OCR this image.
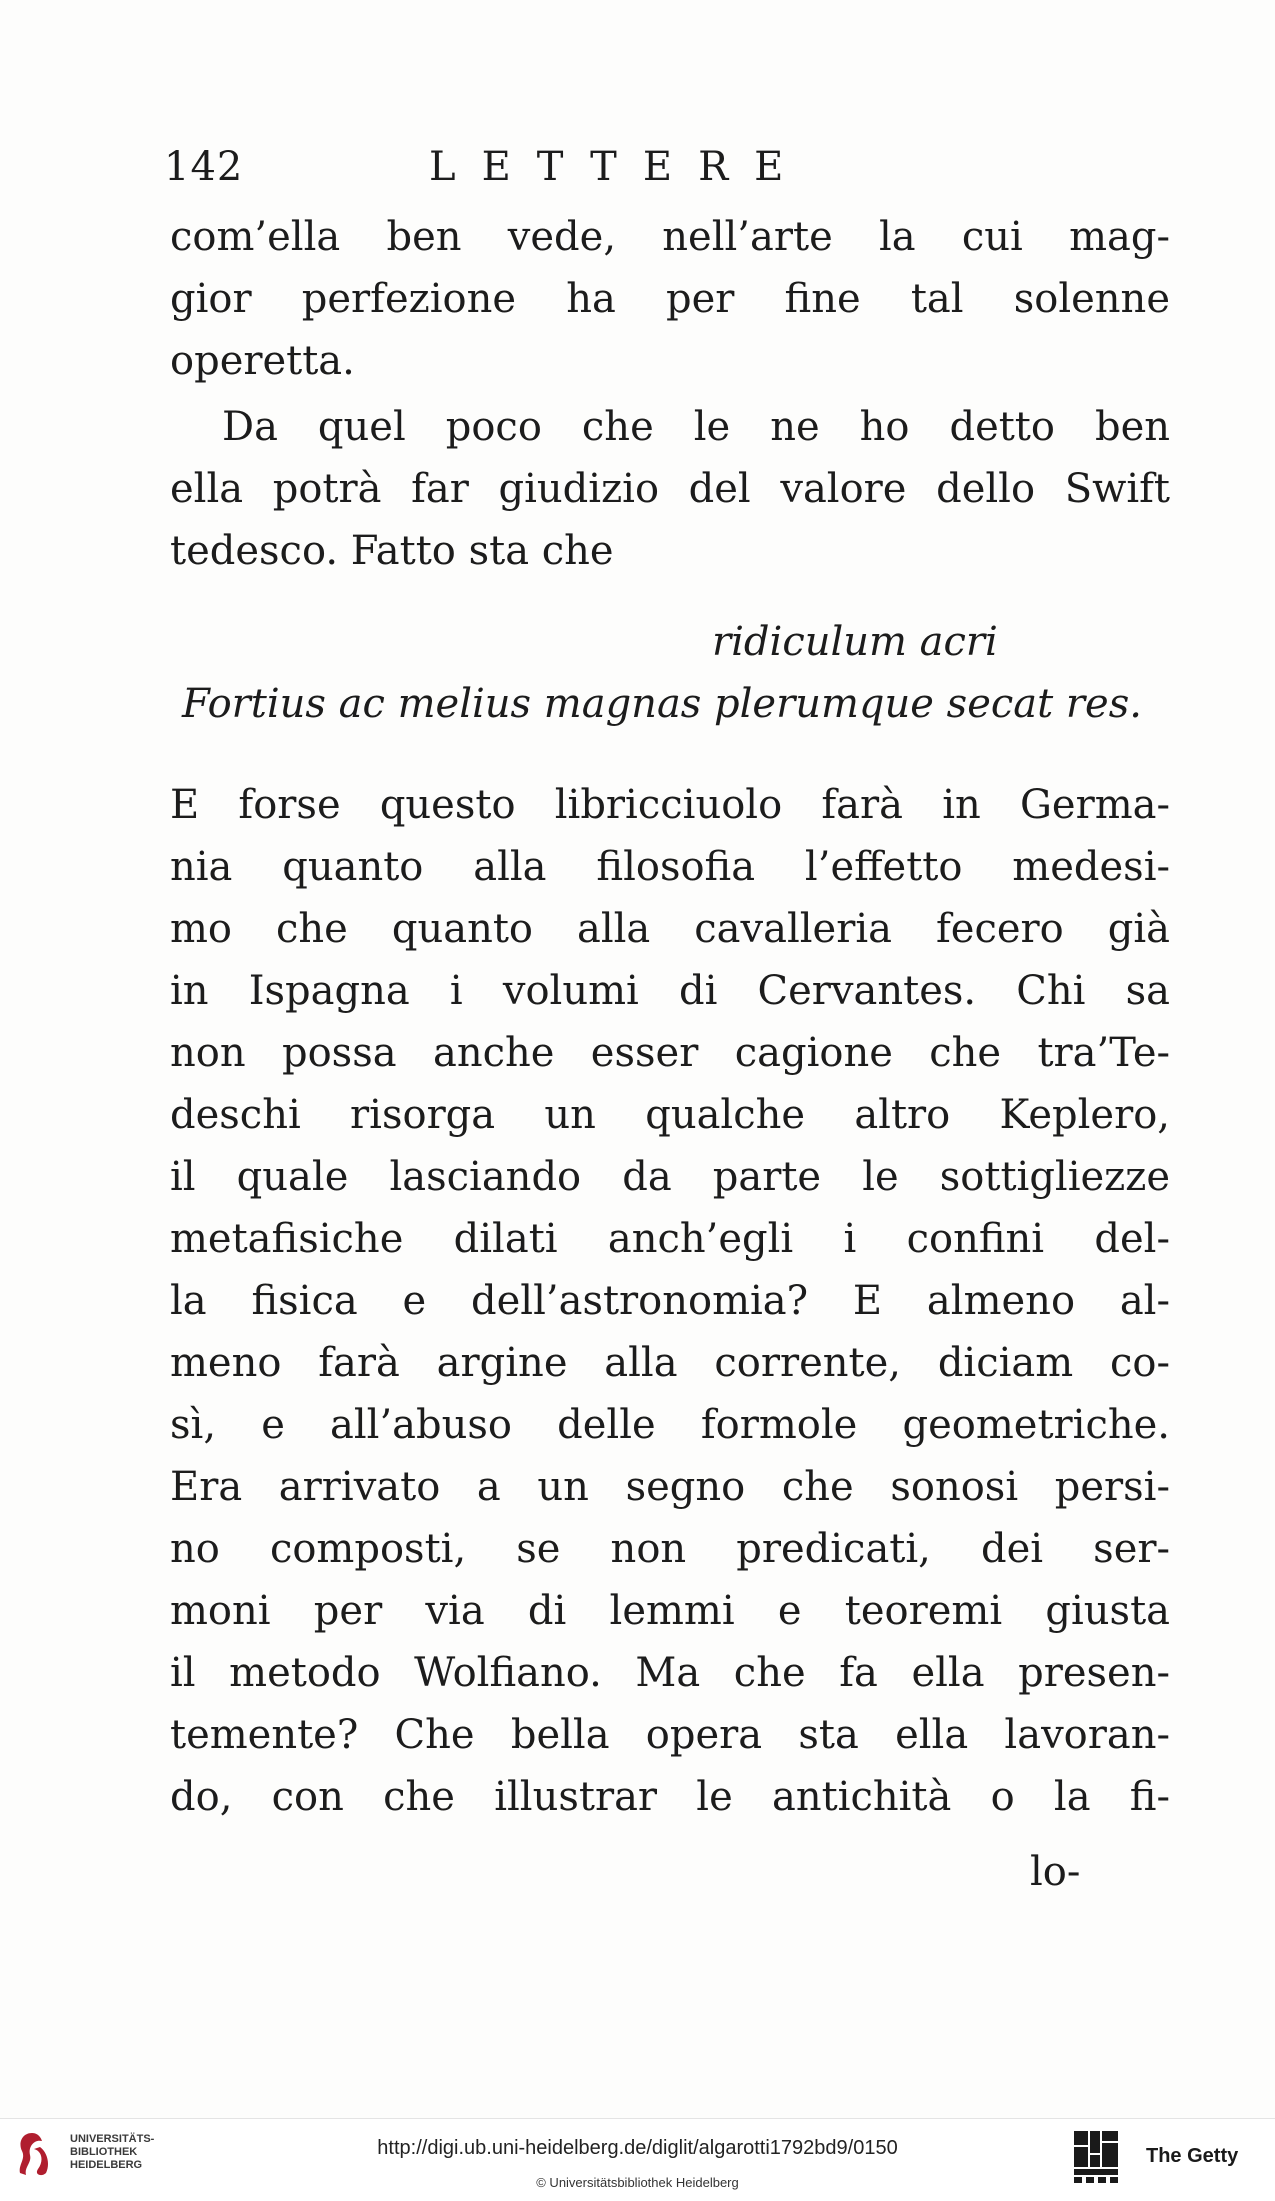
142	LETTERE
com’ella ben vede, nell’arte la cui mag-
gior perfezione ha per fine tal solenne
operetta.
Da quel poco che le ne ho detto ben
ella potrà far giudizio del valore dello Swift
tedesco. Fatto sta che
ridiculum acri
Fortius ac melius magnas plerumque secat res.
E forse questo libricciuolo farà in Germa-
nia quanto alla filosofia l’effetto medesi-
mo che quanto alla cavalleria fecero già
in Ispagna i volumi di Cervantes. Chi sa
non possa anche esser cagione che tra’Te-
deschi risorga un qualche altro Keplero,
il quale lasciando da parte le sottigliezze
metafisiche dilati anch’egli i confini del-
la fisica e dell’astronomia? E almeno al-
meno farà argine alla corrente, diciam co-
sì, e all’abuso delle formole geometriche.
Era arrivato a un segno che sonosi persi-
no composti, se non predicati, dei ser-
moni per via di lemmi e teoremi giusta
il metodo Wolfiano. Ma che fa ella presen-
temente? Che bella opera sta ella lavoran-
do, con che illustrar le antichità o la fi-
lo-
UNIVERSITÄTS-
BIBLIOTHEK
HEIDELBERG
http://digi.ub.uni-heidelberg.de/diglit/algarotti1792bd9/0150
© Universitätsbibliothek Heidelberg
The Getty
